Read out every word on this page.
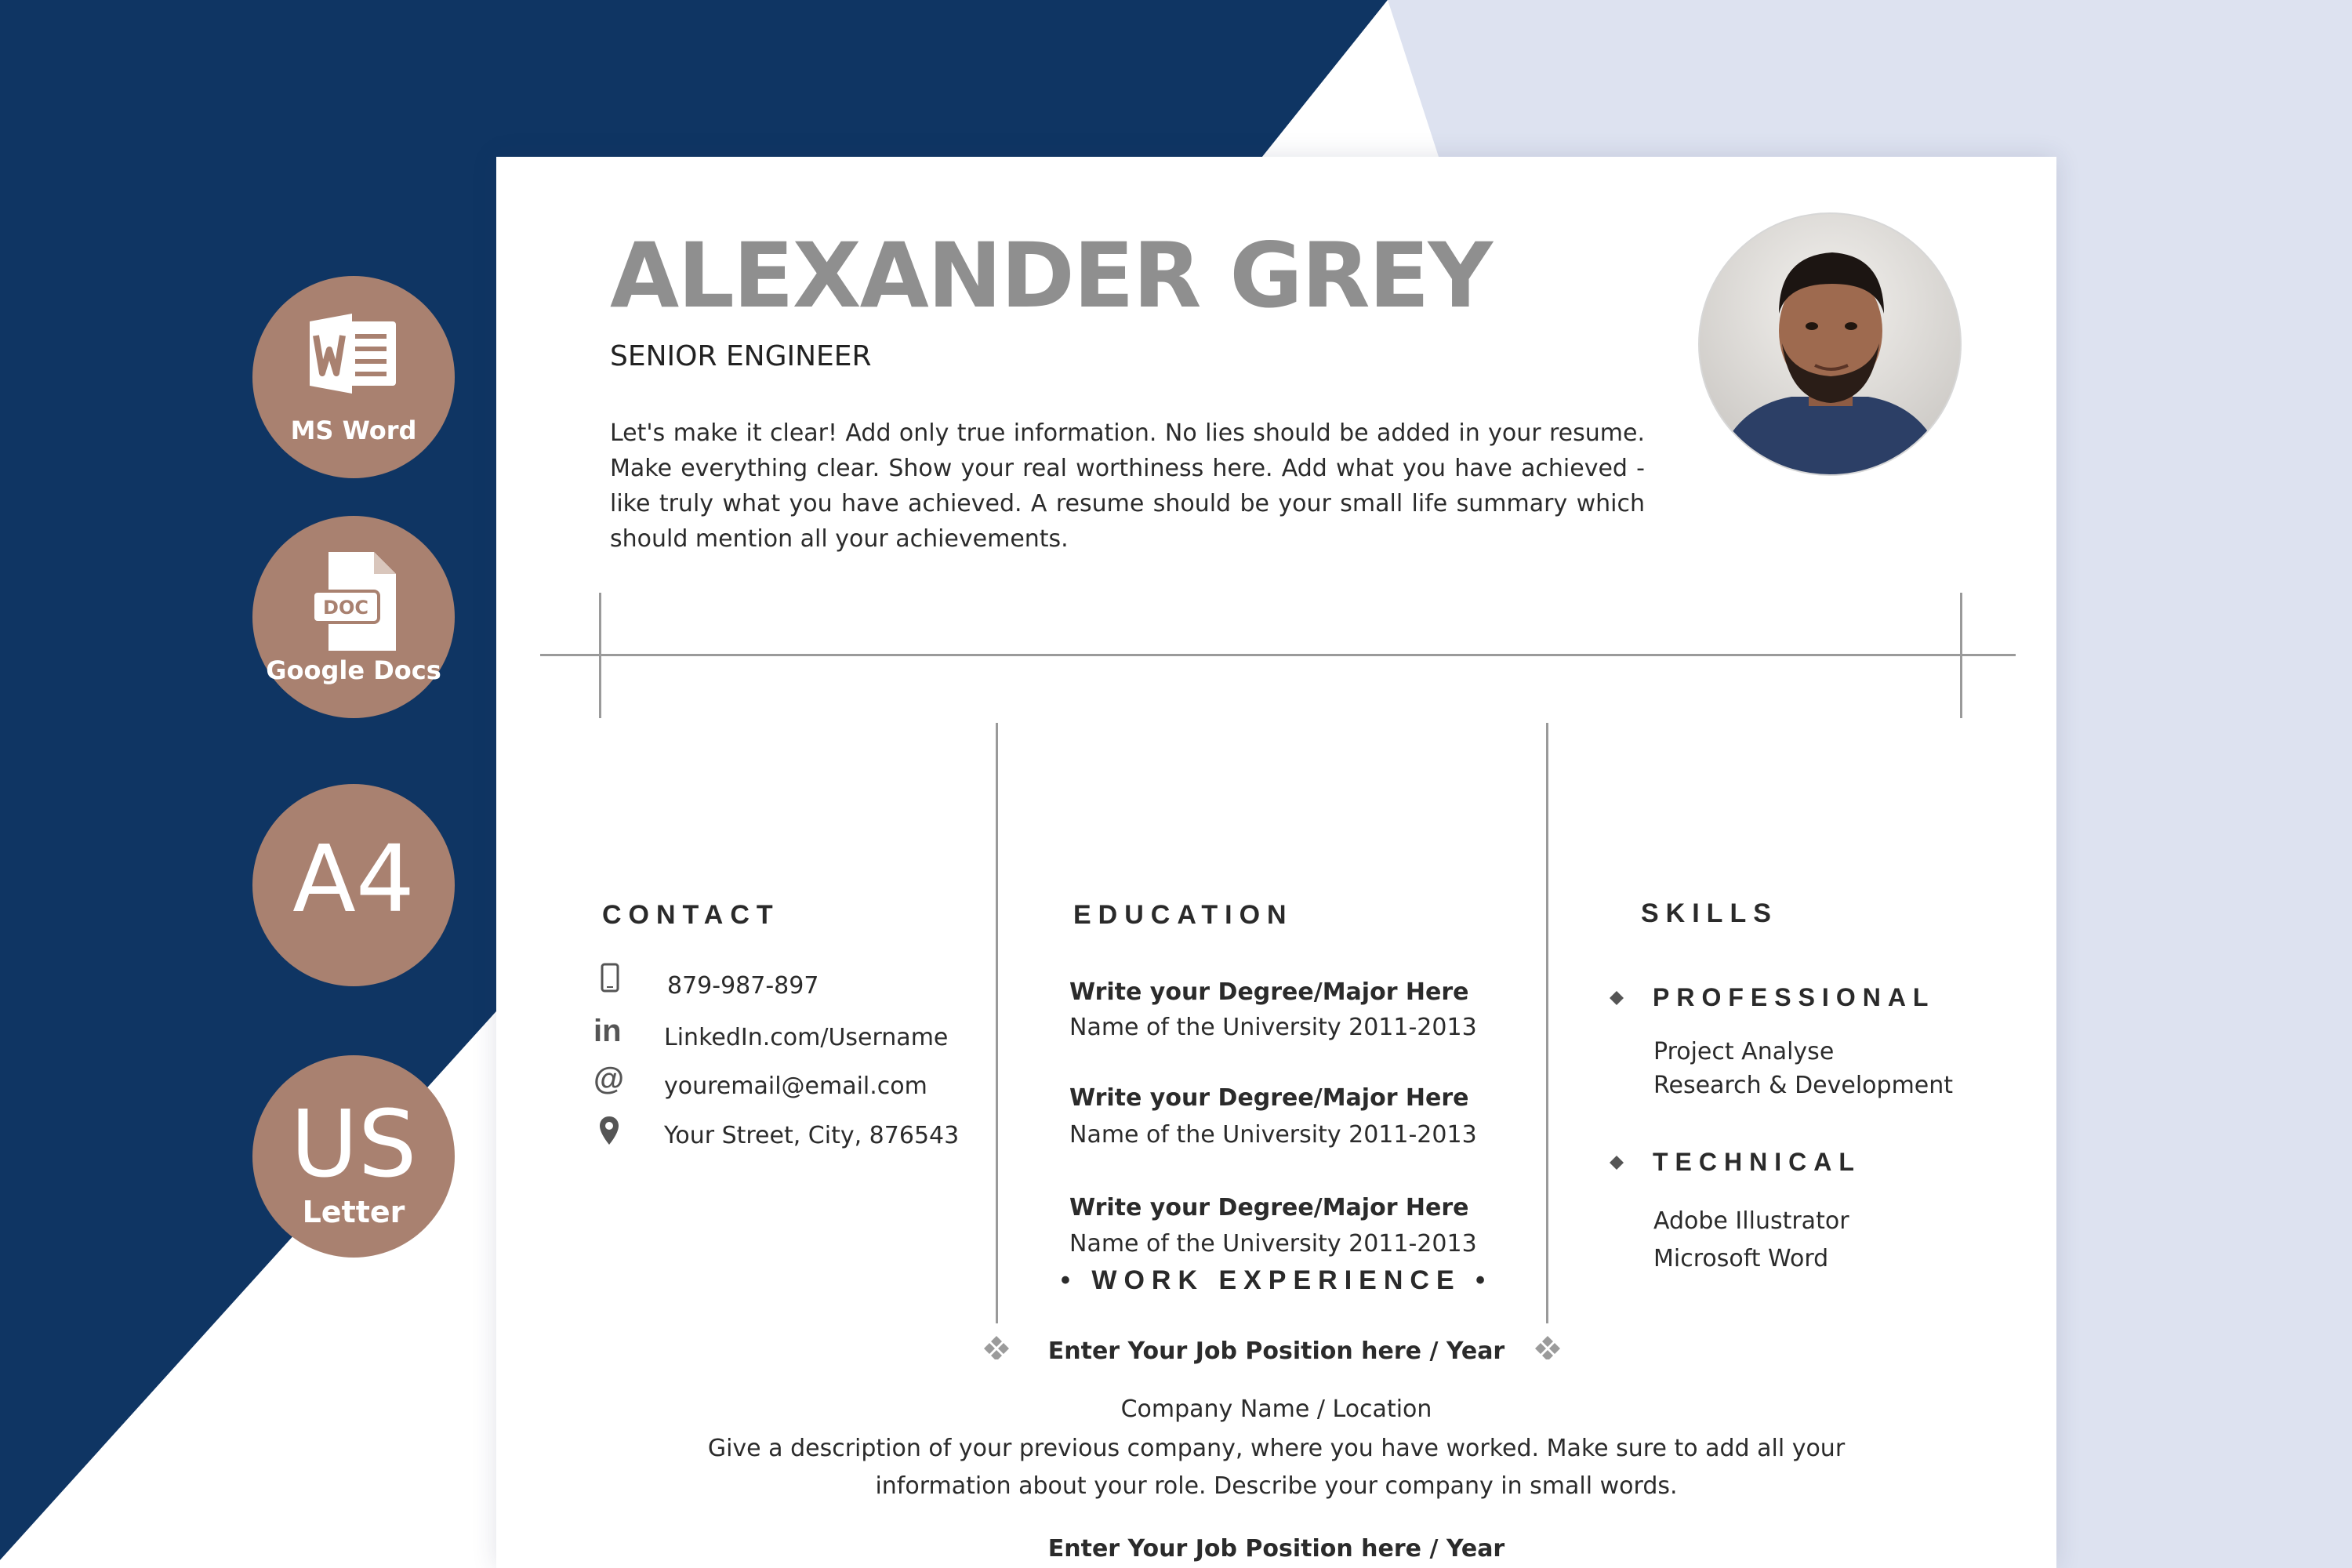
MS Word
DOC
Google Docs
A4
US
Letter
ALEXANDER GREY
SENIOR ENGINEER

Let's make it clear! Add only true information. No lies should be added in your resume. Make everything clear. Show your real worthiness here. Add what you have achieved - like truly what you have achieved. A resume should be your small life summary which should mention all your achievements.

CONTACT
879-987-897
in LinkedIn.com/Username
@ youremail@email.com
Your Street, City, 876543
EDUCATION
Write your Degree/Major Here
Name of the University 2011-2013
Write your Degree/Major Here
Name of the University 2011-2013
Write your Degree/Major Here
Name of the University 2011-2013
SKILLS
PROFESSIONAL
Project Analyse
Research & Development
TECHNICAL
Adobe Illustrator
Microsoft Word
• WORK EXPERIENCE •
Enter Your Job Position here / Year
Company Name / Location
Give a description of your previous company, where you have worked. Make sure to add all your
information about your role. Describe your company in small words.
Enter Your Job Position here / Year
